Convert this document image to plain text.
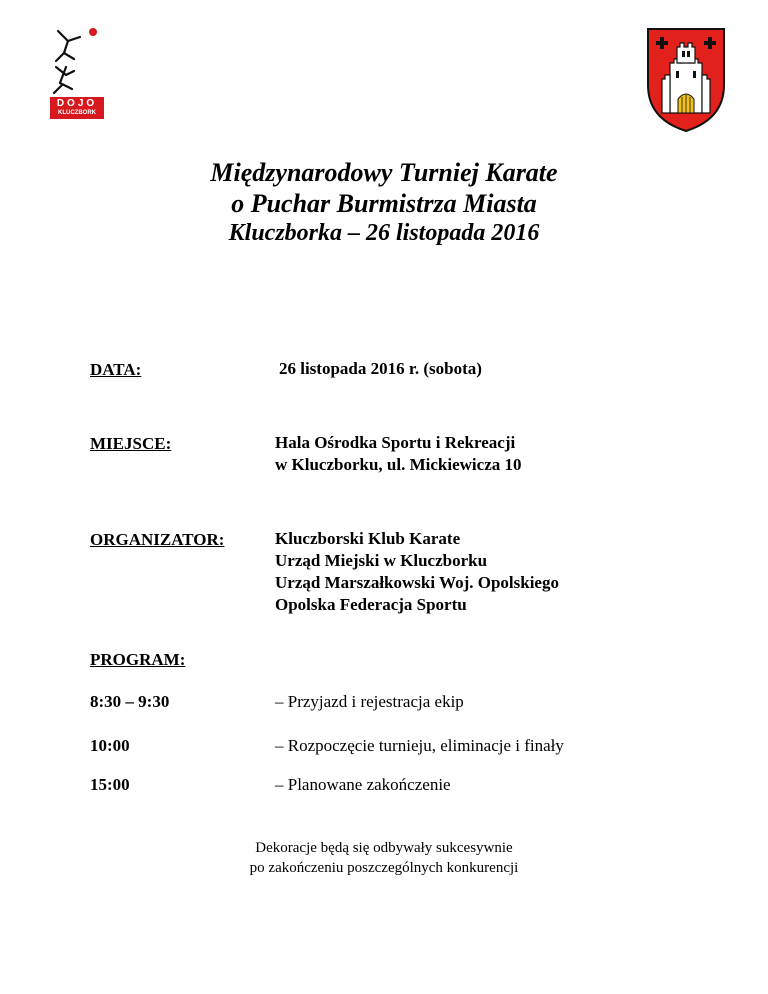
DOJO
KLUCZBORK
Międzynarodowy Turniej Karate
o Puchar Burmistrza Miasta
Kluczborka – 26 listopada 2016
DATA:	26 listopada 2016 r. (sobota)
MIEJSCE:	Hala Ośrodka Sportu i Rekreacji
w Kluczborku, ul. Mickiewicza 10
ORGANIZATOR:	Kluczborski Klub Karate
Urząd Miejski w Kluczborku
Urząd Marszałkowski Woj. Opolskiego
Opolska Federacja Sportu
PROGRAM:
8:30 – 9:30	– Przyjazd i rejestracja ekip
10:00	– Rozpoczęcie turnieju, eliminacje i finały
15:00	– Planowane zakończenie
Dekoracje będą się odbywały sukcesywnie
po zakończeniu poszczególnych konkurencji
